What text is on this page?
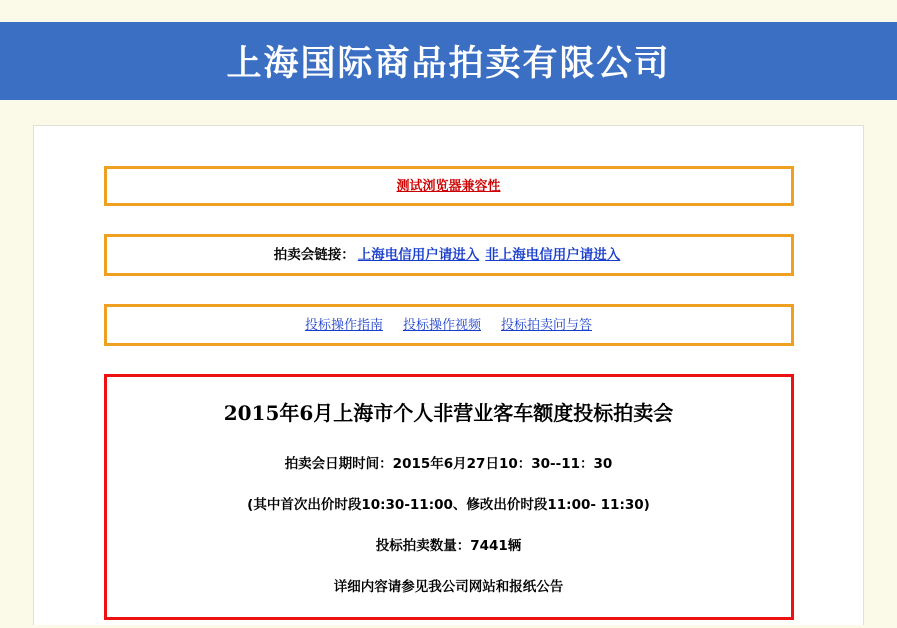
上海国际商品拍卖有限公司
测试浏览器兼容性
拍卖会链接： 上海电信用户请进入 非上海电信用户请进入
投标操作指南 投标操作视频 投标拍卖问与答
2015年6月上海市个人非营业客车额度投标拍卖会
拍卖会日期时间：2015年6月27日10：30--11：30
(其中首次出价时段10:30-11:00、修改出价时段11:00- 11:30)
投标拍卖数量：7441辆
详细内容请参见我公司网站和报纸公告
